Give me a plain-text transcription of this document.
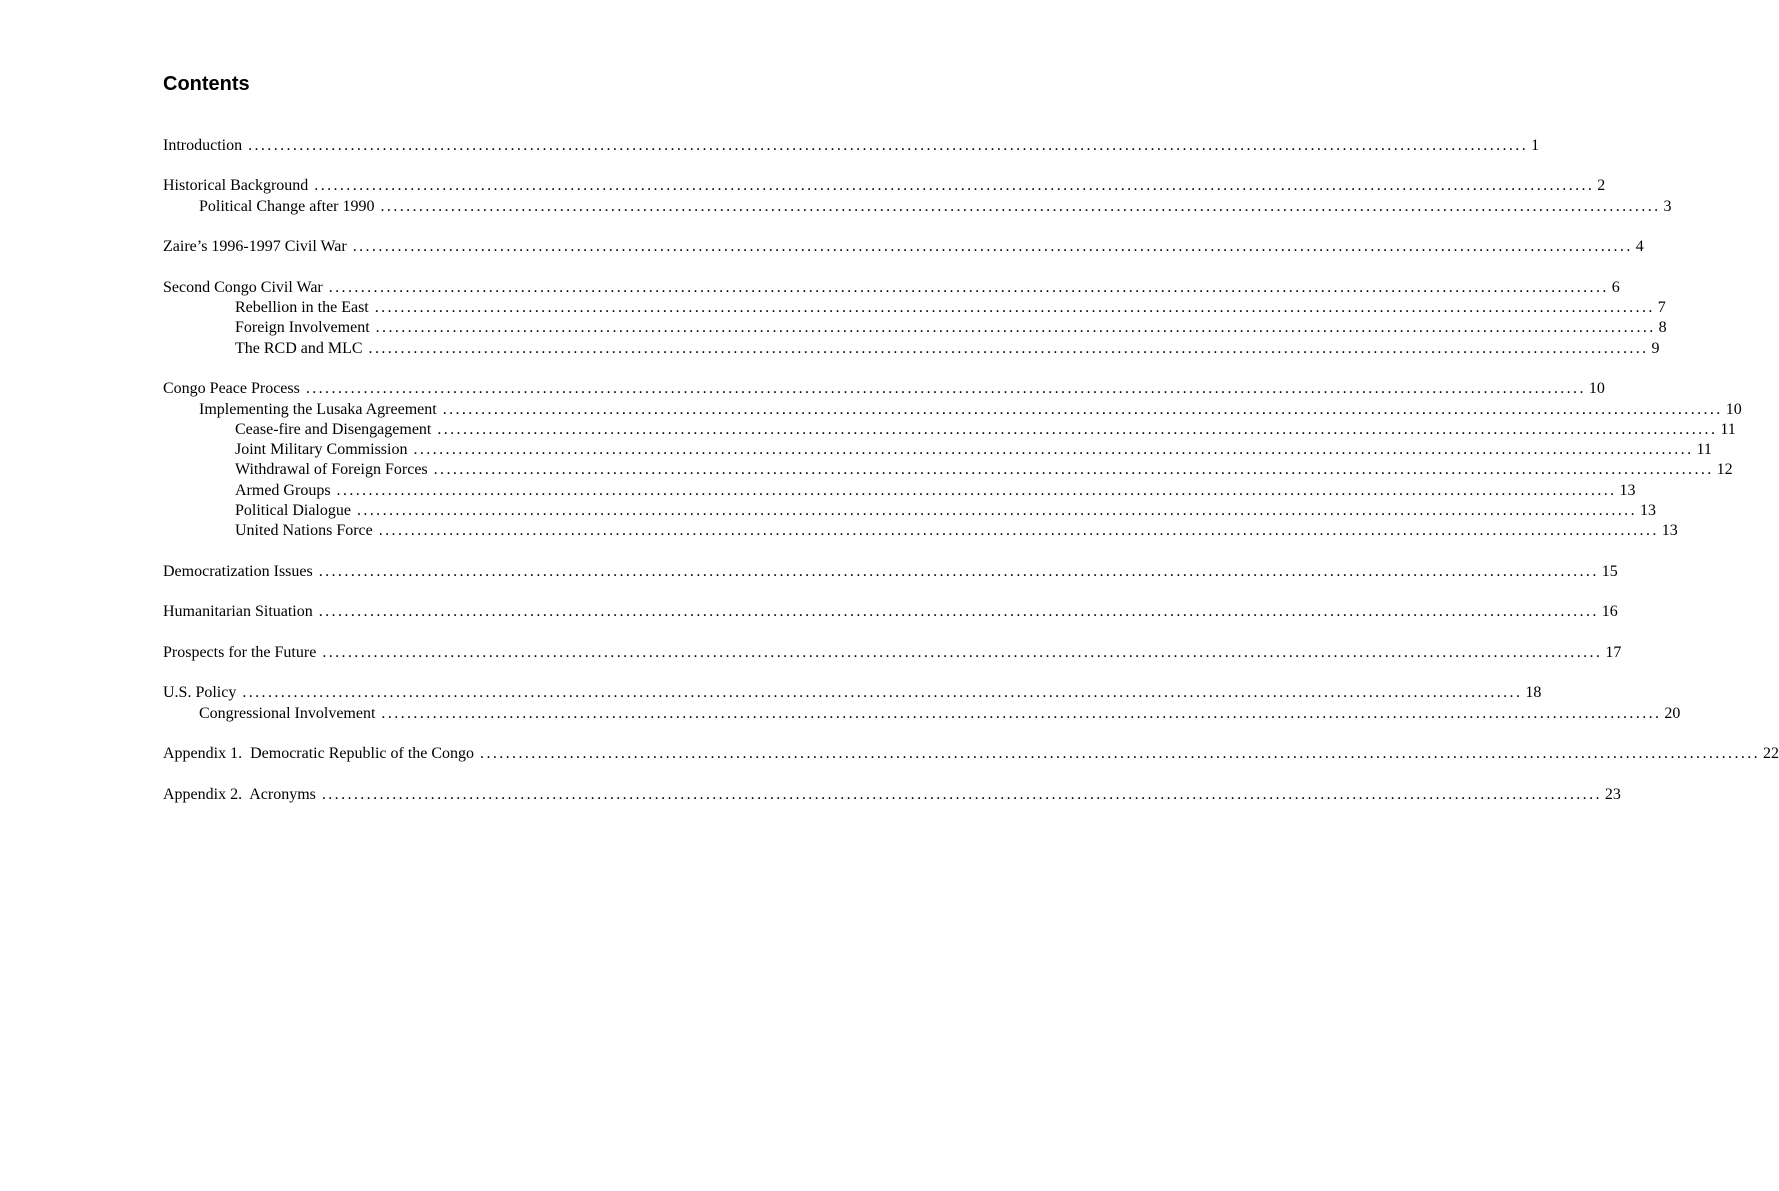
Contents
Introduction ........................................................................................................................................................................................................ 1
Historical Background ........................................................................................................................................................................................................ 2
Political Change after 1990 ........................................................................................................................................................................................................ 3
Zaire’s 1996-1997 Civil War ........................................................................................................................................................................................................ 4
Second Congo Civil War ........................................................................................................................................................................................................ 6
Rebellion in the East ........................................................................................................................................................................................................ 7
Foreign Involvement ........................................................................................................................................................................................................ 8
The RCD and MLC ........................................................................................................................................................................................................ 9
Congo Peace Process ........................................................................................................................................................................................................ 10
Implementing the Lusaka Agreement ........................................................................................................................................................................................................ 10
Cease-fire and Disengagement ........................................................................................................................................................................................................ 11
Joint Military Commission ........................................................................................................................................................................................................ 11
Withdrawal of Foreign Forces ........................................................................................................................................................................................................ 12
Armed Groups ........................................................................................................................................................................................................ 13
Political Dialogue ........................................................................................................................................................................................................ 13
United Nations Force ........................................................................................................................................................................................................ 13
Democratization Issues ........................................................................................................................................................................................................ 15
Humanitarian Situation ........................................................................................................................................................................................................ 16
Prospects for the Future ........................................................................................................................................................................................................ 17
U.S. Policy ........................................................................................................................................................................................................ 18
Congressional Involvement ........................................................................................................................................................................................................ 20
Appendix 1.  Democratic Republic of the Congo ........................................................................................................................................................................................................ 22
Appendix 2.  Acronyms ........................................................................................................................................................................................................ 23
